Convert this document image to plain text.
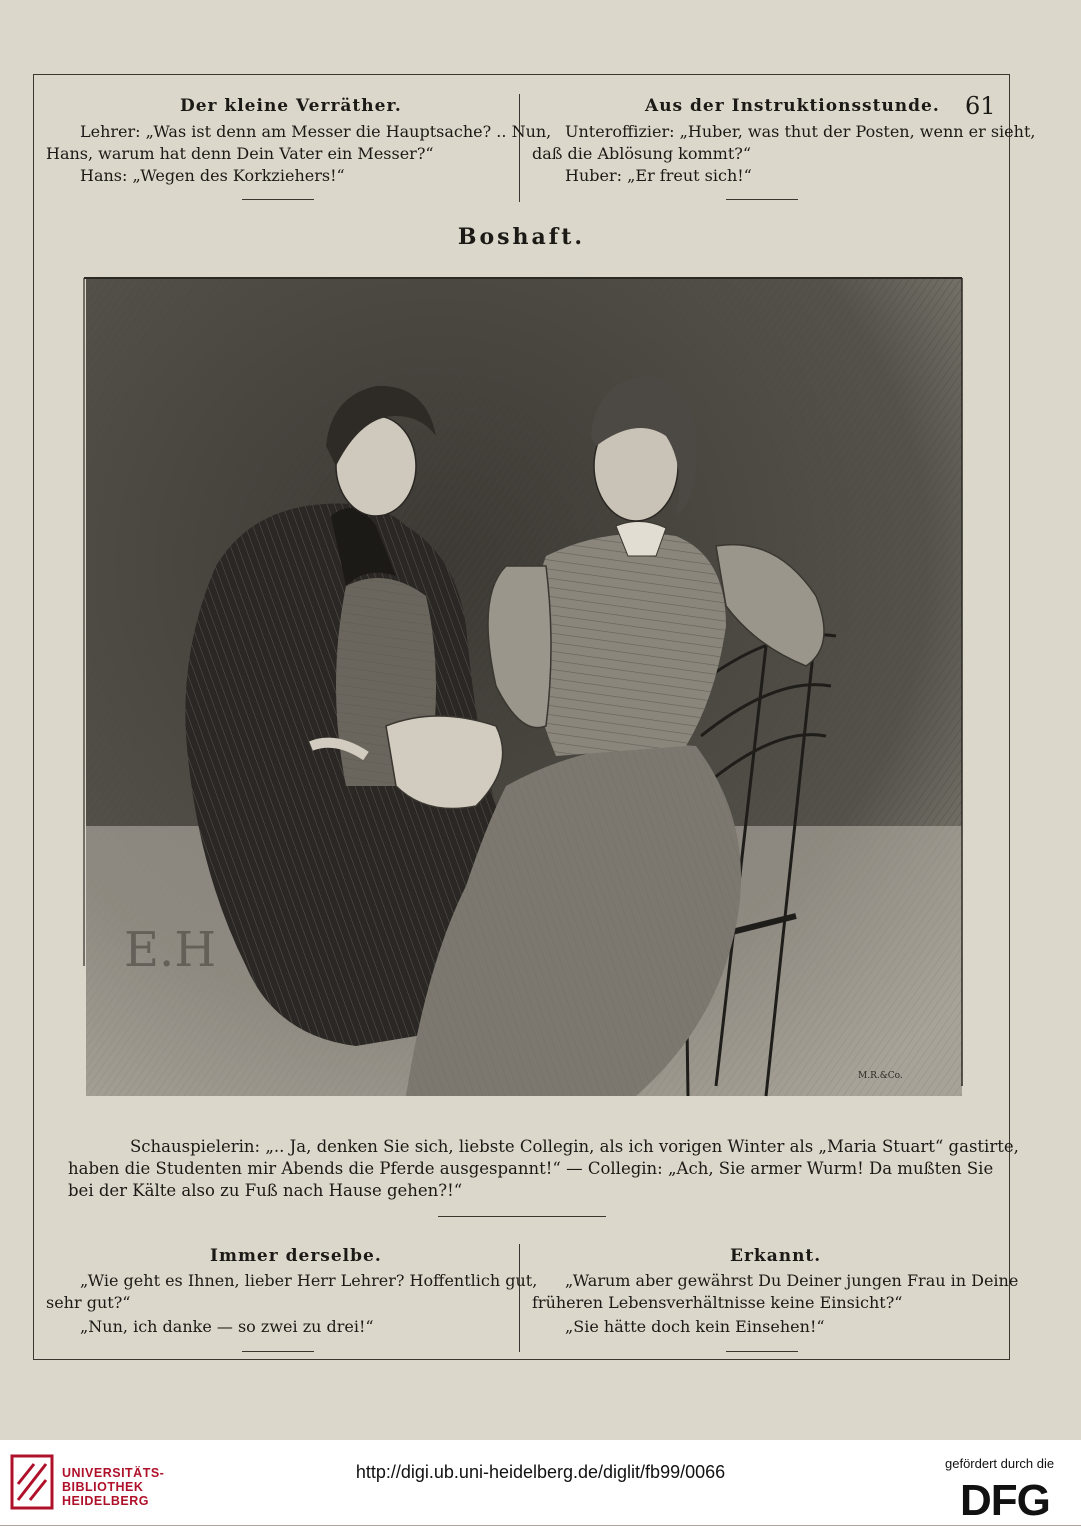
61
Der kleine Verräther.
Lehrer: „Was ist denn am Messer die Hauptsache? .. Nun,
Hans, warum hat denn Dein Vater ein Messer?“
Hans: „Wegen des Korkziehers!“
Aus der Instruktionsstunde.
Unteroffizier: „Huber, was thut der Posten, wenn er sieht,
daß die Ablösung kommt?“
Huber: „Er freut sich!“
Boshaft.
E.H
M.R.&Co.
Schauspielerin: „.. Ja, denken Sie sich, liebste Collegin, als ich vorigen Winter als „Maria Stuart“ gastirte,
haben die Studenten mir Abends die Pferde ausgespannt!“ — Collegin: „Ach, Sie armer Wurm! Da mußten Sie
bei der Kälte also zu Fuß nach Hause gehen?!“
Immer derselbe.
„Wie geht es Ihnen, lieber Herr Lehrer? Hoffentlich gut,
sehr gut?“
„Nun, ich danke — so zwei zu drei!“
Erkannt.
„Warum aber gewährst Du Deiner jungen Frau in Deine
früheren Lebensverhältnisse keine Einsicht?“
„Sie hätte doch kein Einsehen!“
UNIVERSITÄTS-
BIBLIOTHEK
HEIDELBERG
http://digi.ub.uni-heidelberg.de/diglit/fb99/0066	gefördert durch die
DFG
